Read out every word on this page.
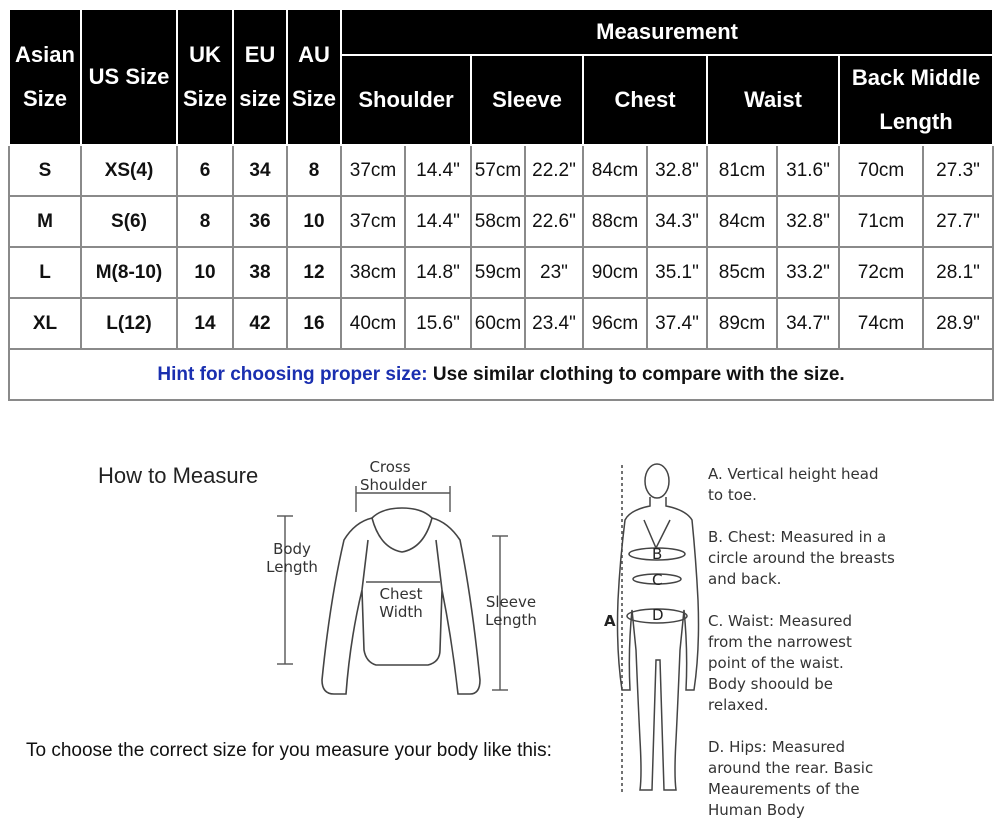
Asian Size	US Size	UK Size	EU size	AU Size	Measurement									
					Shoulder		Sleeve		Chest		Waist		Back Middle Length	
S	XS(4)	6	34	8	37cm	14.4"	57cm	22.2"	84cm	32.8"	81cm	31.6"	70cm	27.3"
M	S(6)	8	36	10	37cm	14.4"	58cm	22.6"	88cm	34.3"	84cm	32.8"	71cm	27.7"
L	M(8-10)	10	38	12	38cm	14.8"	59cm	23"	90cm	35.1"	85cm	33.2"	72cm	28.1"
XL	L(12)	14	42	16	40cm	15.6"	60cm	23.4"	96cm	37.4"	89cm	34.7"	74cm	28.9"
Hint for choosing proper size: Use similar clothing to compare with the size.														
How to Measure	Cross Shoulder
Body Length
Chest Width
Sleeve Length	A
B
C
D
A. Vertical height head to toe.
B. Chest: Measured in a circle around the breasts and back.
C. Waist: Measured from the narrowest point of the waist. Body shoould be relaxed.
D. Hips: Measured around the rear. Basic Meaurements of the Human Body
To choose the correct size for you measure your body like this:
